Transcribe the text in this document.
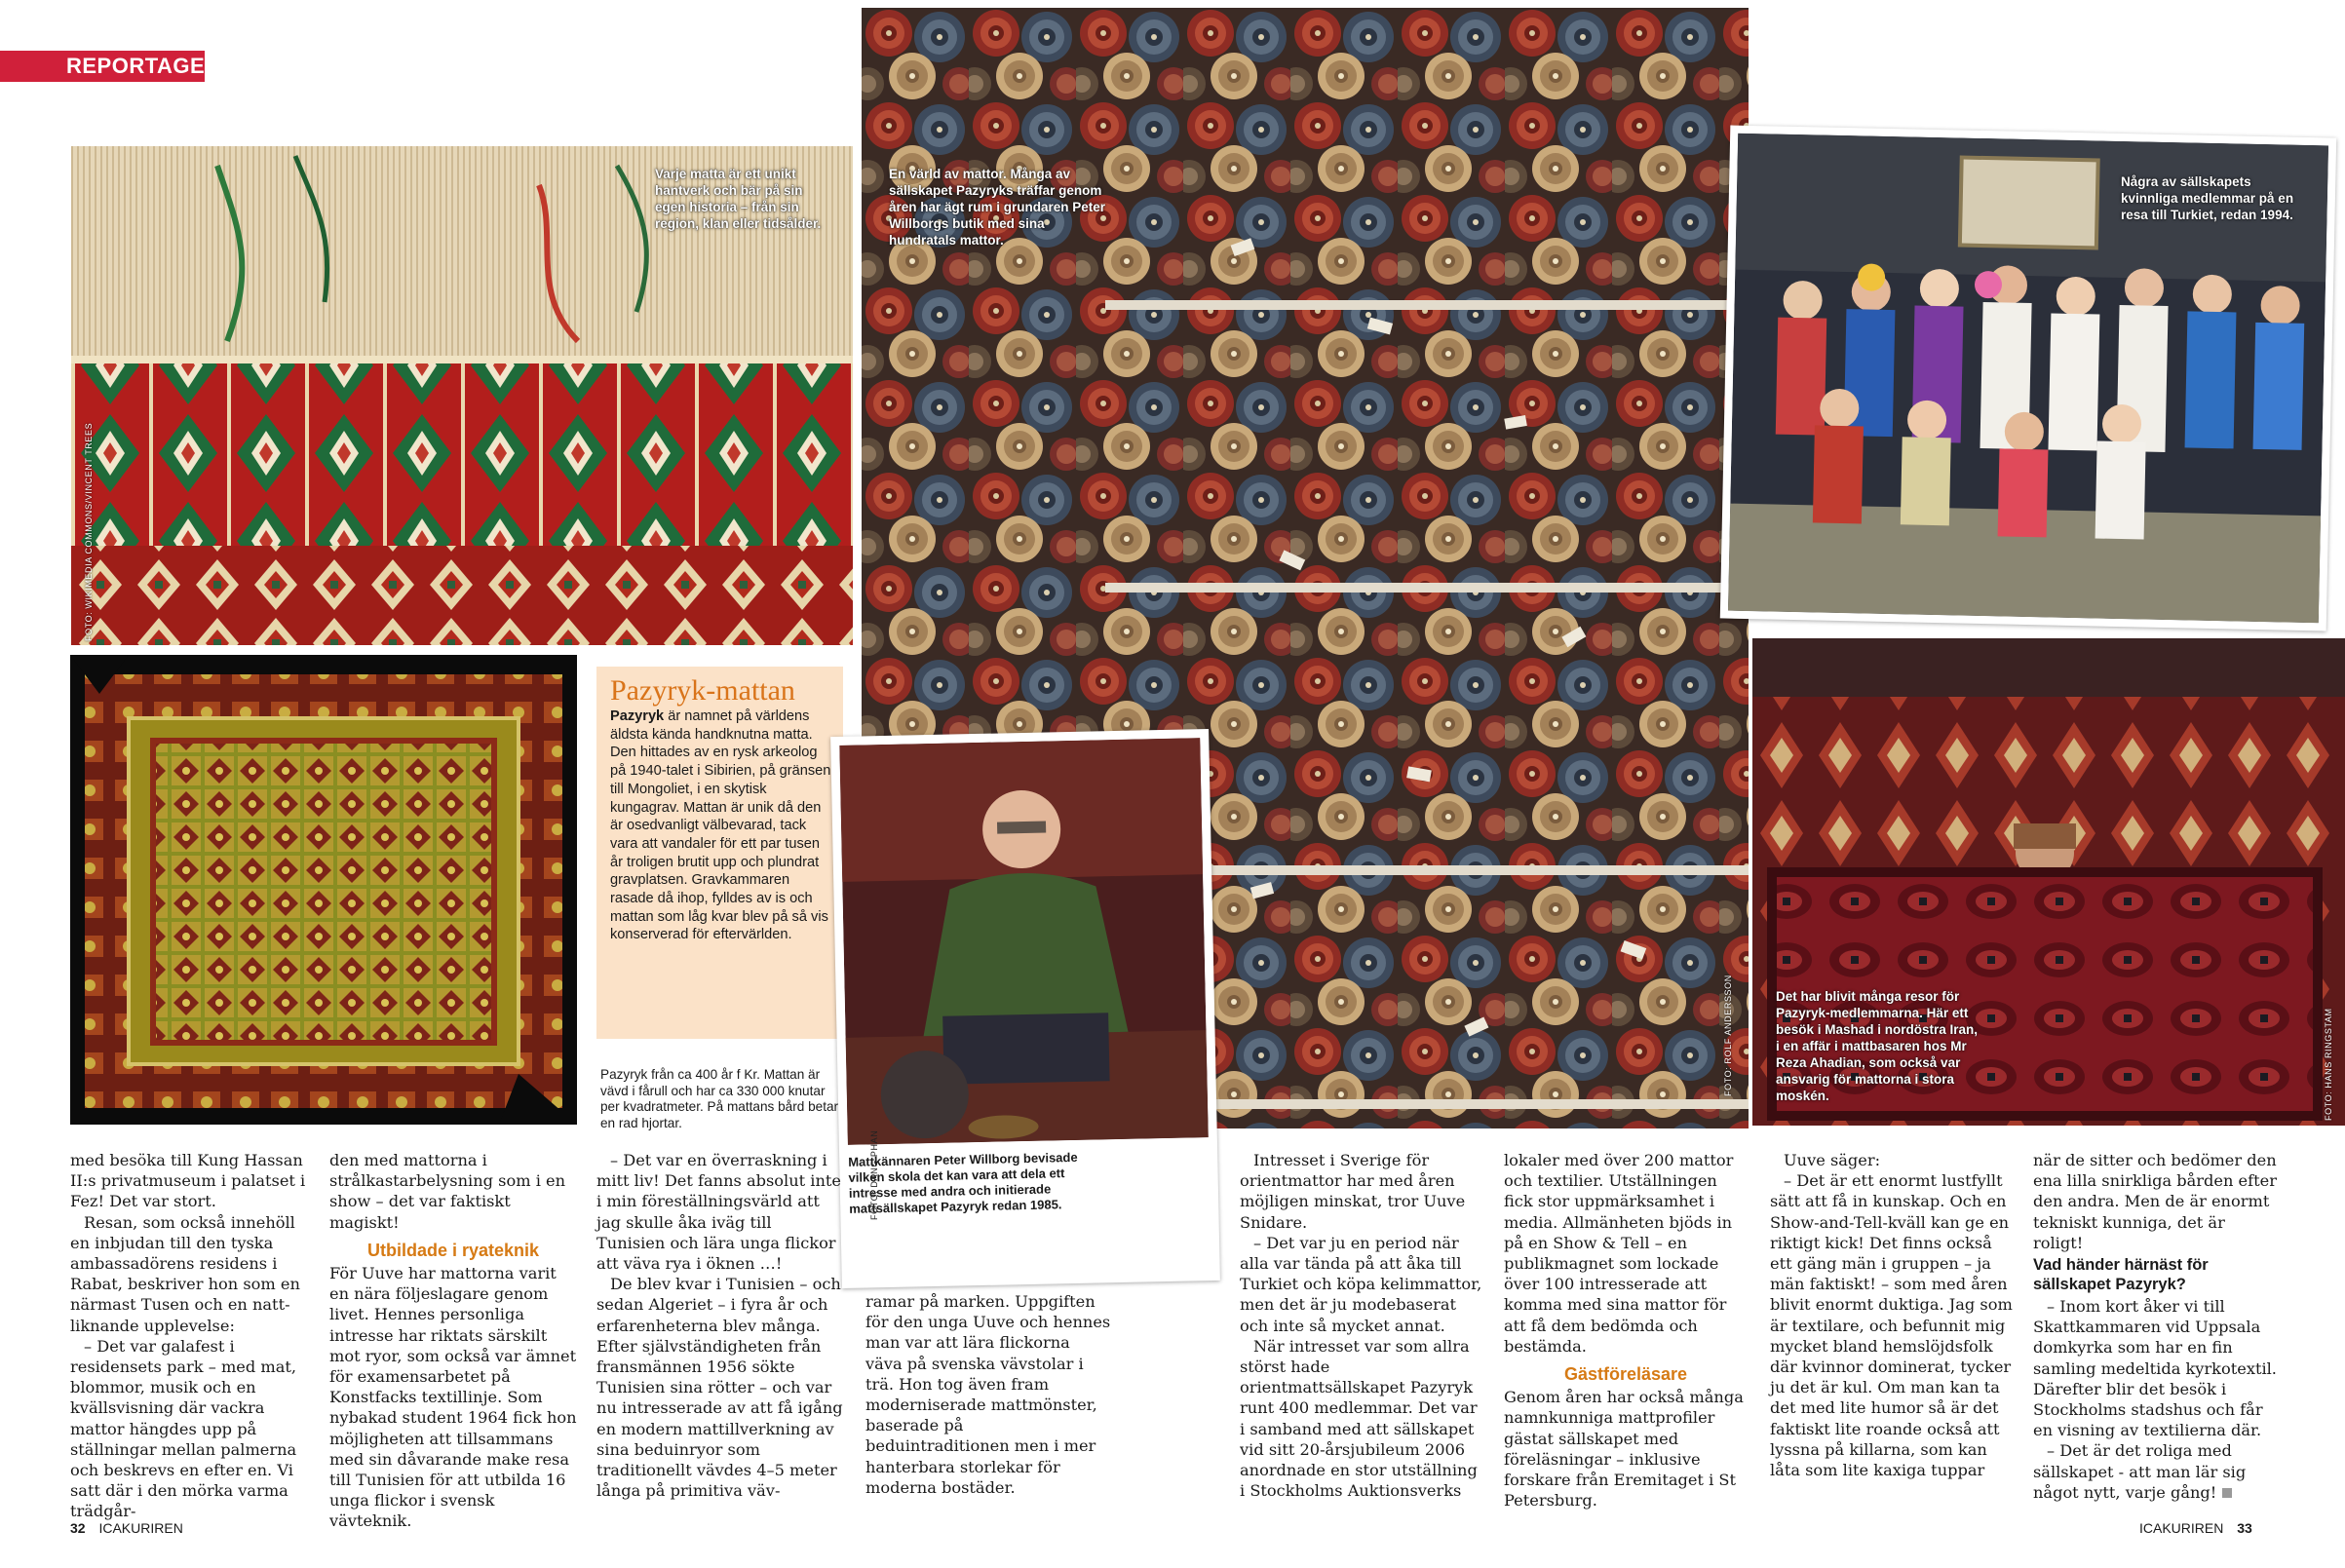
REPORTAGE
Varje matta är ett unikt hantverk och bär på sin egen historia – från sin region, klan eller tidsålder.
FOTO: WIKIMEDIA COMMONS/VINCENT TREES
Pazyryk-mattan
Pazyryk är namnet på världens äldsta kända handknutna matta. Den hittades av en rysk arkeolog på 1940-talet i Sibirien, på gränsen till Mongoliet, i en skytisk kungagrav. Mattan är unik då den är osedvanligt välbevarad, tack vara att vandaler för ett par tusen år troligen brutit upp och plundrat gravplatsen. Gravkammaren rasade då ihop, fylldes av is och mattan som låg kvar blev på så vis konserverad för eftervärlden.
Pazyryk från ca 400 år f Kr. Mattan är vävd i fårull och har ca 330 000 knutar per kvadratmeter. På mattans bård betar en rad hjortar.
En värld av mattor. Många av sällskapet Pazyryks träffar genom åren har ägt rum i grundaren Peter Willborgs butik med sina hundratals mattor.
FOTO: ROLF ANDERSSON
Några av sällskapets kvinnliga medlemmar på en resa till Turkiet, redan 1994.
Det har blivit många resor för Pazyryk-medlemmarna. Här ett besök i Mashad i nordöstra Iran, i en affär i mattbasaren hos Mr Reza Ahadian, som också var ansvarig för mattorna i stora moskén.	FOTO: HANS RINGSTAM
Mattkännaren Peter Willborg bevisade vilken skola det kan vara att dela ett intresse med andra och initierade mattsällskapet Pazyryk redan 1985.
FOTO: DANG PHAN

med besöka till Kung Hassan II:s privatmuseum i palatset i Fez! Det var stort.

Resan, som också innehöll en inbjudan till den tyska ambassadörens residens i Rabat, beskriver hon som en närmast Tusen och en natt-liknande upplevelse:

– Det var galafest i residensets park – med mat, blommor, musik och en kvällsvisning där vackra mattor hängdes upp på ställningar mellan palmerna och beskrevs en efter en. Vi satt där i den mörka varma trädgår-

den med mattorna i strålkastarbelysning som i en show – det var faktiskt magiskt!

Utbildade i ryateknik

För Uuve har mattorna varit en nära följeslagare genom livet. Hennes personliga intresse har riktats särskilt mot ryor, som också var ämnet för examensarbetet på Konstfacks textillinje. Som nybakad student 1964 fick hon möjligheten att tillsammans med sin dåvarande make resa till Tunisien för att utbilda 16 unga flickor i svensk vävteknik.

– Det var en överraskning i mitt liv! Det fanns absolut inte i min föreställningsvärld att jag skulle åka iväg till Tunisien och lära unga flickor att väva rya i öknen …!

De blev kvar i Tunisien – och sedan Algeriet – i fyra år och erfarenheterna blev många. Efter självständigheten från fransmännen 1956 sökte Tunisien sina rötter – och var nu intresserade av att få igång en modern mattillverkning av sina beduinryor som traditionellt vävdes 4–5 meter långa på primitiva väv-

ramar på marken. Uppgiften för den unga Uuve och hennes man var att lära flickorna väva på svenska vävstolar i trä. Hon tog även fram moderniserade mattmönster, baserade på beduintraditionen men i mer hanterbara storlekar för moderna bostäder.

Intresset i Sverige för orientmattor har med åren möjligen minskat, tror Uuve Snidare.

– Det var ju en period när alla var tända på att åka till Turkiet och köpa kelimmattor, men det är ju modebaserat och inte så mycket annat.

När intresset var som allra störst hade orientmattsällskapet Pazyryk runt 400 medlemmar. Det var i samband med att sällskapet vid sitt 20-årsjubileum 2006 anordnade en stor utställning i Stockholms Auktionsverks

lokaler med över 200 mattor och textilier. Utställningen fick stor uppmärksamhet i media. Allmänheten bjöds in på en Show & Tell – en publikmagnet som lockade över 100 intresserade att komma med sina mattor för att få dem bedömda och bestämda.

Gästföreläsare

Genom åren har också många namnkunniga mattprofiler gästat sällskapet med föreläsningar – inklusive forskare från Eremitaget i St Petersburg.

Uuve säger:

– Det är ett enormt lustfyllt sätt att få in kunskap. Och en Show-and-Tell-kväll kan ge en riktigt kick! Det finns också ett gäng män i gruppen – ja män faktiskt! – som med åren blivit enormt duktiga. Jag som är textilare, och befunnit mig mycket bland hemslöjdsfolk där kvinnor dominerat, tycker ju det är kul. Om man kan ta det med lite humor så är det faktiskt lite roande också att lyssna på killarna, som kan låta som lite kaxiga tuppar

när de sitter och bedömer den ena lilla snirkliga bården efter den andra. Men de är enormt tekniskt kunniga, det är roligt!

Vad händer härnäst för sällskapet Pazyryk?

– Inom kort åker vi till Skattkammaren vid Uppsala domkyrka som har en fin samling medeltida kyrkotextil. Därefter blir det besök i Stockholms stadshus och får en visning av textilierna där.

– Det är det roliga med sällskapet - att man lär sig något nytt, varje gång!

32 ICAKURIREN	ICAKURIREN 33
